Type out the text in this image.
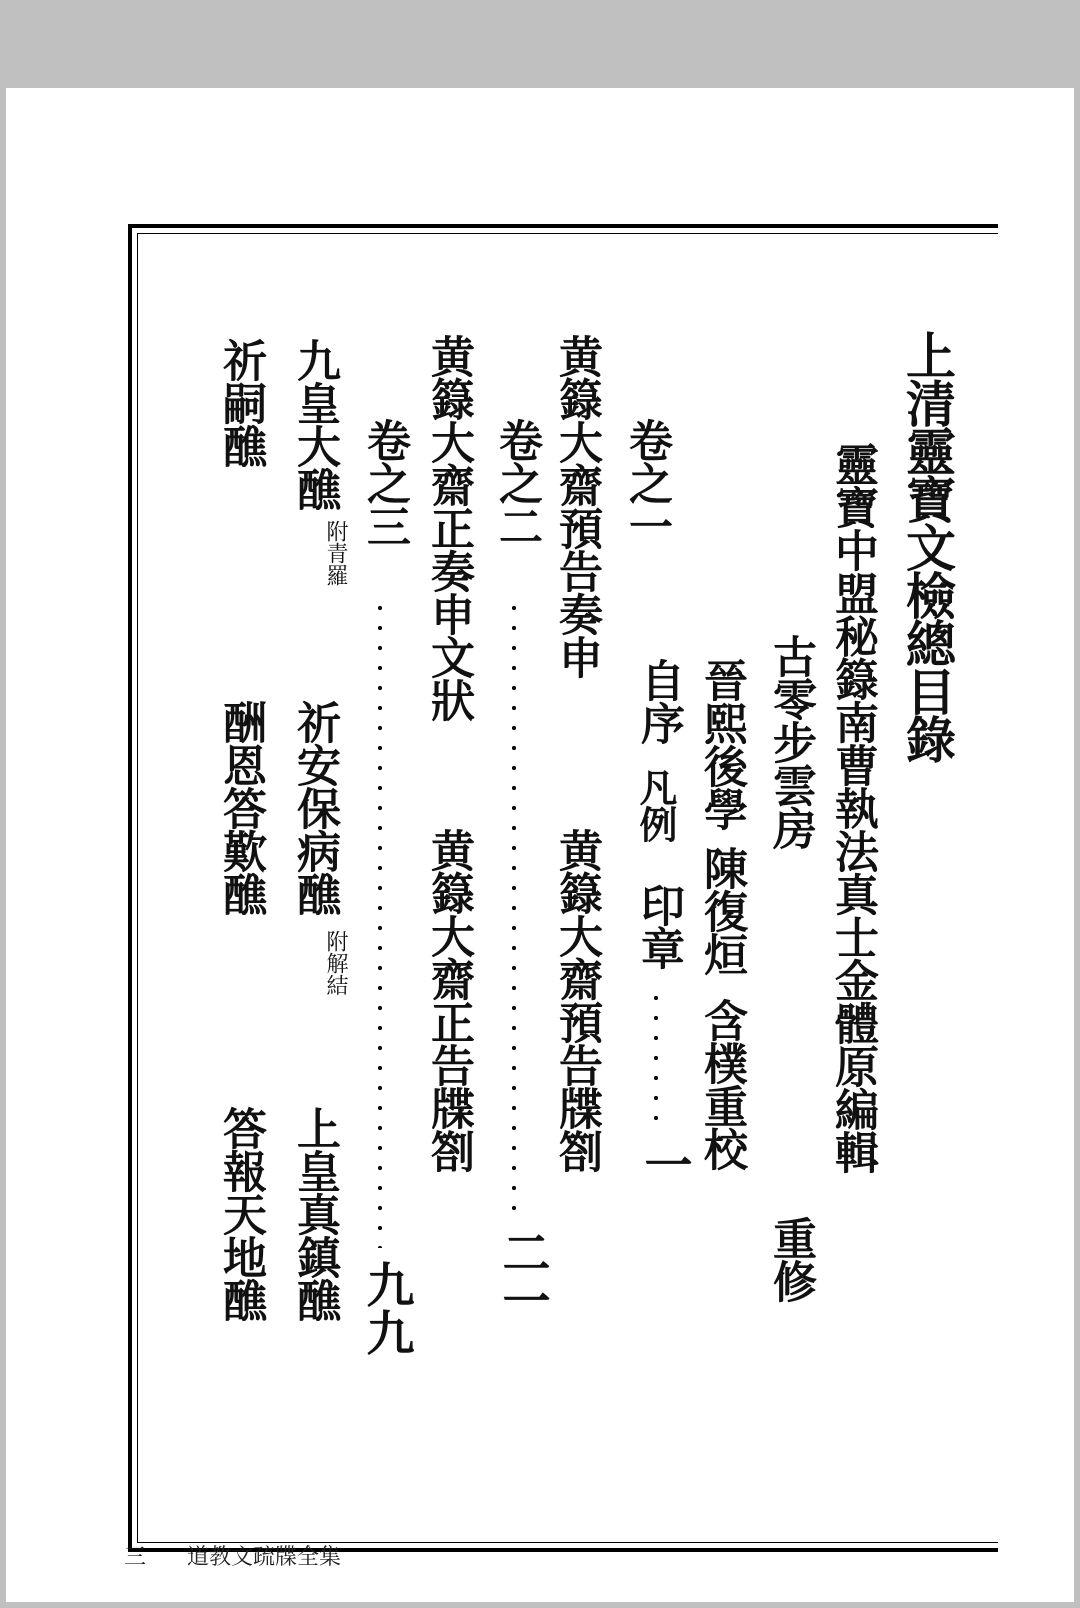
上清靈寶文檢總目錄
靈寶中盟秘籙南曹執法真士金體原編輯
古零步雲房
重修
晉熙後學
陳復烜
含樸重校
自序
凡例
印章
一
卷之一
黄籙大齋預告奏申
黄籙大齋預告牒劄
卷之二
二一
黄籙大齋正奏申文狀
黄籙大齋正告牒劄
卷之三
九九
九皇大醮
附青羅
祈安保病醮
附解結
上皇真鎮醮
祈嗣醮
酬恩答歎醮
答報天地醮
三 道教文疏牒全集
